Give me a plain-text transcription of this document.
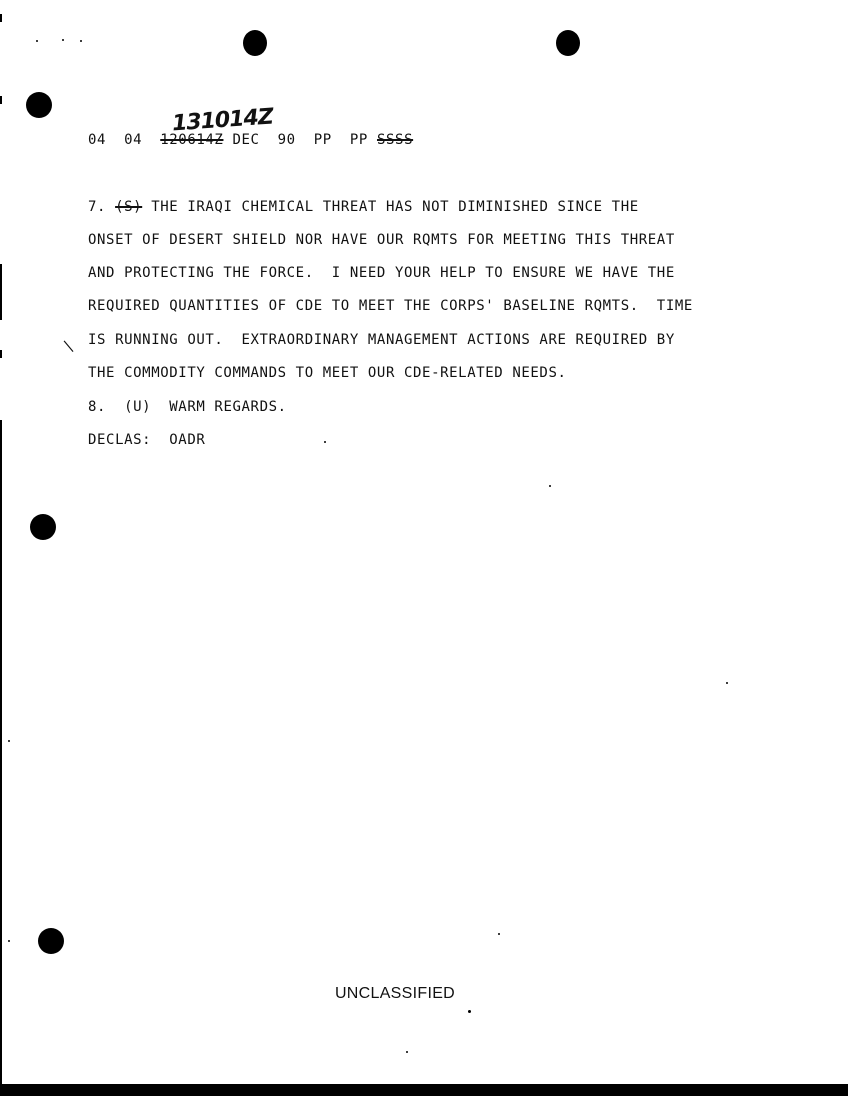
|
131014Z
04 04 120614Z DEC 90 PP PP SSSS
7. (S) THE IRAQI CHEMICAL THREAT HAS NOT DIMINISHED SINCE THE
ONSET OF DESERT SHIELD NOR HAVE OUR RQMTS FOR MEETING THIS THREAT
AND PROTECTING THE FORCE.  I NEED YOUR HELP TO ENSURE WE HAVE THE
REQUIRED QUANTITIES OF CDE TO MEET THE CORPS' BASELINE RQMTS.  TIME
IS RUNNING OUT.  EXTRAORDINARY MANAGEMENT ACTIONS ARE REQUIRED BY
THE COMMODITY COMMANDS TO MEET OUR CDE-RELATED NEEDS.
8. (U) WARM REGARDS.
DECLAS: OADR
UNCLASSIFIED
